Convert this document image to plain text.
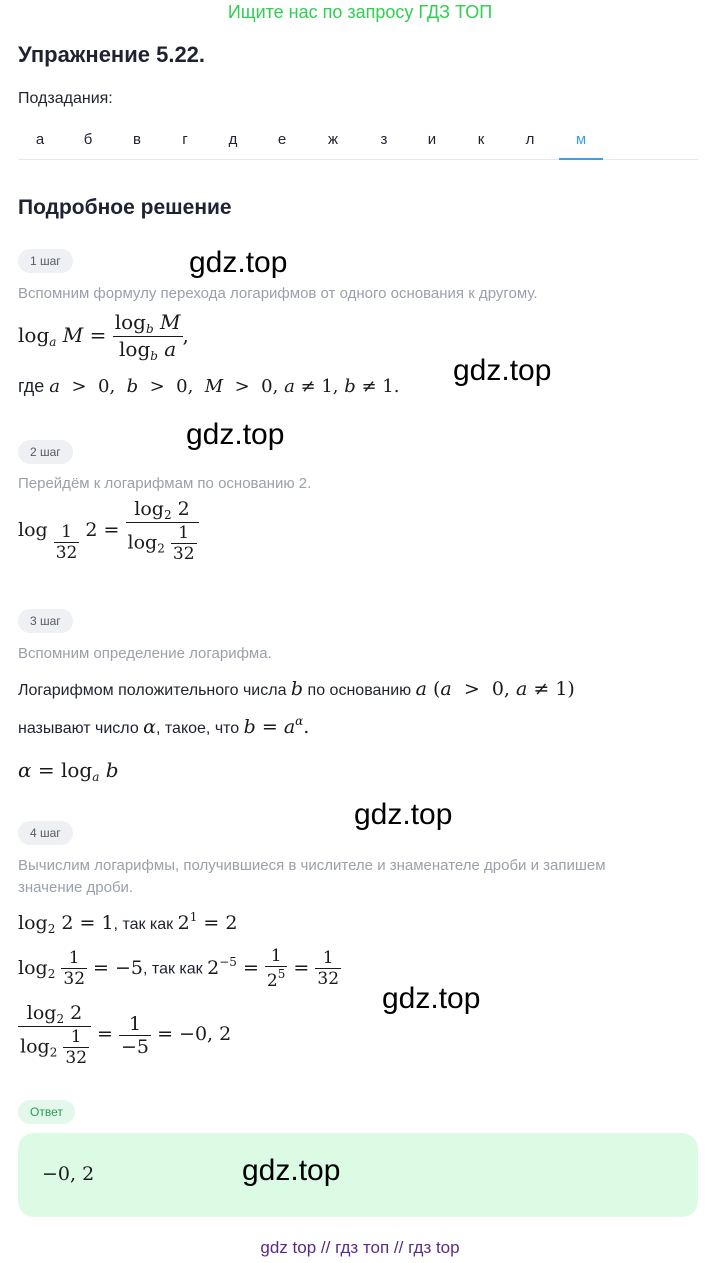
Ищите нас по запросу ГДЗ ТОП
Упражнение 5.22.
Подзадания:
а	б	в	г	д	е	ж	з	и	к	л	м
Подробное решение
1 шаг
Вспомним формулу перехода логарифмов от одного основания к другому.
$\log_a M = \frac{\log_b M}{\log_b a}$ ,
где a  >  0,  b  >  0,  M  >  0, a ≠ 1, b ≠ 1.
2 шаг
Перейдём к логарифмам по основанию 2.
$\log \frac{1}{32} 2 = \frac{\log_2 2}{\log_2 \frac{1}{32}}$
3 шаг
Вспомним определение логарифма.
Логарифмом положительного числа b по основанию a (a  >  0, a ≠ 1)
называют число α, такое, что $b = a^\alpha$.
$\alpha = \log_a b$
4 шаг
Вычислим логарифмы, получившиеся в числителе и знаменателе дроби и запишем
значение дроби.
$\log_2 2 = 1$, так как $2^1 = 2$
$\log_2 \frac{1}{32} = -5$, так как $2^{-5} = \frac{1}{2^5} = \frac{1}{32}$
$\frac{\log_2 2}{\log_2 \frac{1}{32}} = \frac{1}{-5} = -0$, 2
Ответ
−0, 2
gdz.top
gdz.top
gdz.top
gdz.top
gdz.top
gdz.top
gdz top // гдз топ // гдз top
